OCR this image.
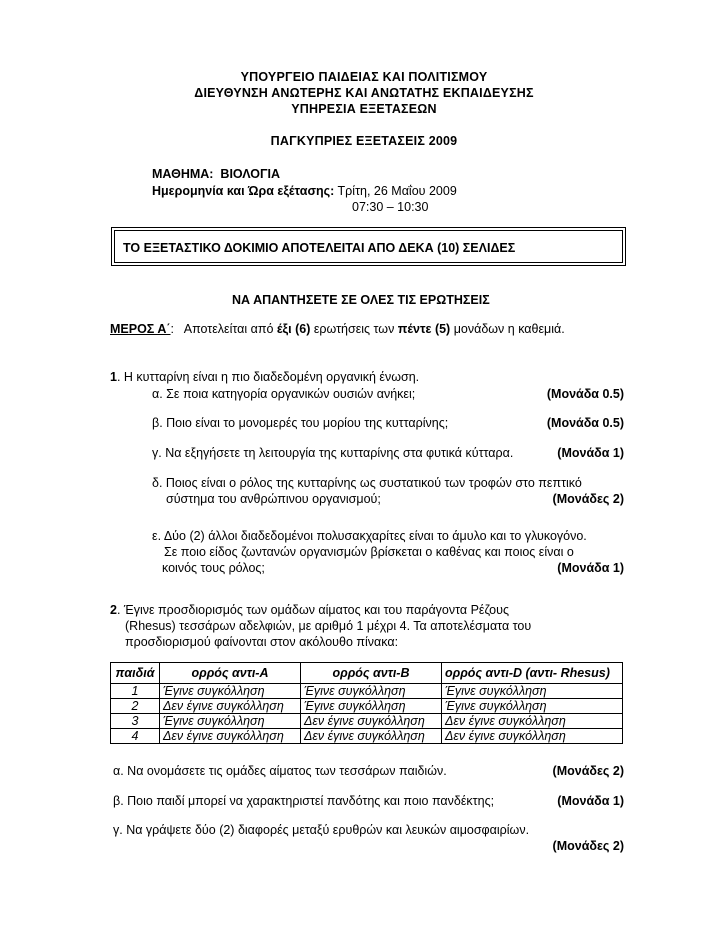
ΥΠΟΥΡΓΕΙΟ ΠΑΙΔΕΙΑΣ ΚΑΙ ΠΟΛΙΤΙΣΜΟΥ
ΔΙΕΥΘΥΝΣΗ ΑΝΩΤΕΡΗΣ ΚΑΙ ΑΝΩΤΑΤΗΣ ΕΚΠΑΙΔΕΥΣΗΣ
ΥΠΗΡΕΣΙΑ ΕΞΕΤΑΣΕΩΝ
ΠΑΓΚΥΠΡΙΕΣ ΕΞΕΤΑΣΕΙΣ 2009
ΜΑΘΗΜΑ: ΒΙΟΛΟΓΙΑ
Ημερομηνία και Ώρα εξέτασης: Τρίτη, 26 Μαΐου 2009
07:30 – 10:30
ΤΟ ΕΞΕΤΑΣΤΙΚΟ ΔΟΚΙΜΙΟ ΑΠΟΤΕΛΕΙΤΑΙ ΑΠΟ ΔΕΚΑ (10) ΣΕΛΙΔΕΣ
ΝΑ ΑΠΑΝΤΗΣΕΤΕ ΣΕ ΟΛΕΣ ΤΙΣ ΕΡΩΤΗΣΕΙΣ
ΜΕΡΟΣ Α΄: Αποτελείται από έξι (6) ερωτήσεις των πέντε (5) μονάδων η καθεμιά.
1. Η κυτταρίνη είναι η πιο διαδεδομένη οργανική ένωση.
α. Σε ποια κατηγορία οργανικών ουσιών ανήκει;	(Μονάδα 0.5)
β. Ποιο είναι το μονομερές του μορίου της κυτταρίνης;	(Μονάδα 0.5)
γ. Να εξηγήσετε τη λειτουργία της κυτταρίνης στα φυτικά κύτταρα.	(Μονάδα 1)
δ. Ποιος είναι ο ρόλος της κυτταρίνης ως συστατικού των τροφών στο πεπτικό
σύστημα του ανθρώπινου οργανισμού;	(Μονάδες 2)
ε. Δύο (2) άλλοι διαδεδομένοι πολυσακχαρίτες είναι το άμυλο και το γλυκογόνο.
Σε ποιο είδος ζωντανών οργανισμών βρίσκεται ο καθένας και ποιος είναι ο
κοινός τους ρόλος;	(Μονάδα 1)
2. Έγινε προσδιορισμός των ομάδων αίματος και του παράγοντα Ρέζους
(Rhesus) τεσσάρων αδελφιών, με αριθμό 1 μέχρι 4. Τα αποτελέσματα του
προσδιορισμού φαίνονται στον ακόλουθο πίνακα:
παιδιά	ορρός αντι-Α	ορρός αντι-Β	ορρός αντι-D (αντι- Rhesus)
1	Έγινε συγκόλληση	Έγινε συγκόλληση	Έγινε συγκόλληση
2	Δεν έγινε συγκόλληση	Έγινε συγκόλληση	Έγινε συγκόλληση
3	Έγινε συγκόλληση	Δεν έγινε συγκόλληση	Δεν έγινε συγκόλληση
4	Δεν έγινε συγκόλληση	Δεν έγινε συγκόλληση	Δεν έγινε συγκόλληση
α. Να ονομάσετε τις ομάδες αίματος των τεσσάρων παιδιών.	(Μονάδες 2)
β. Ποιο παιδί μπορεί να χαρακτηριστεί πανδότης και ποιο πανδέκτης;	(Μονάδα 1)
γ. Να γράψετε δύο (2) διαφορές μεταξύ ερυθρών και λευκών αιμοσφαιρίων.
(Μονάδες 2)
